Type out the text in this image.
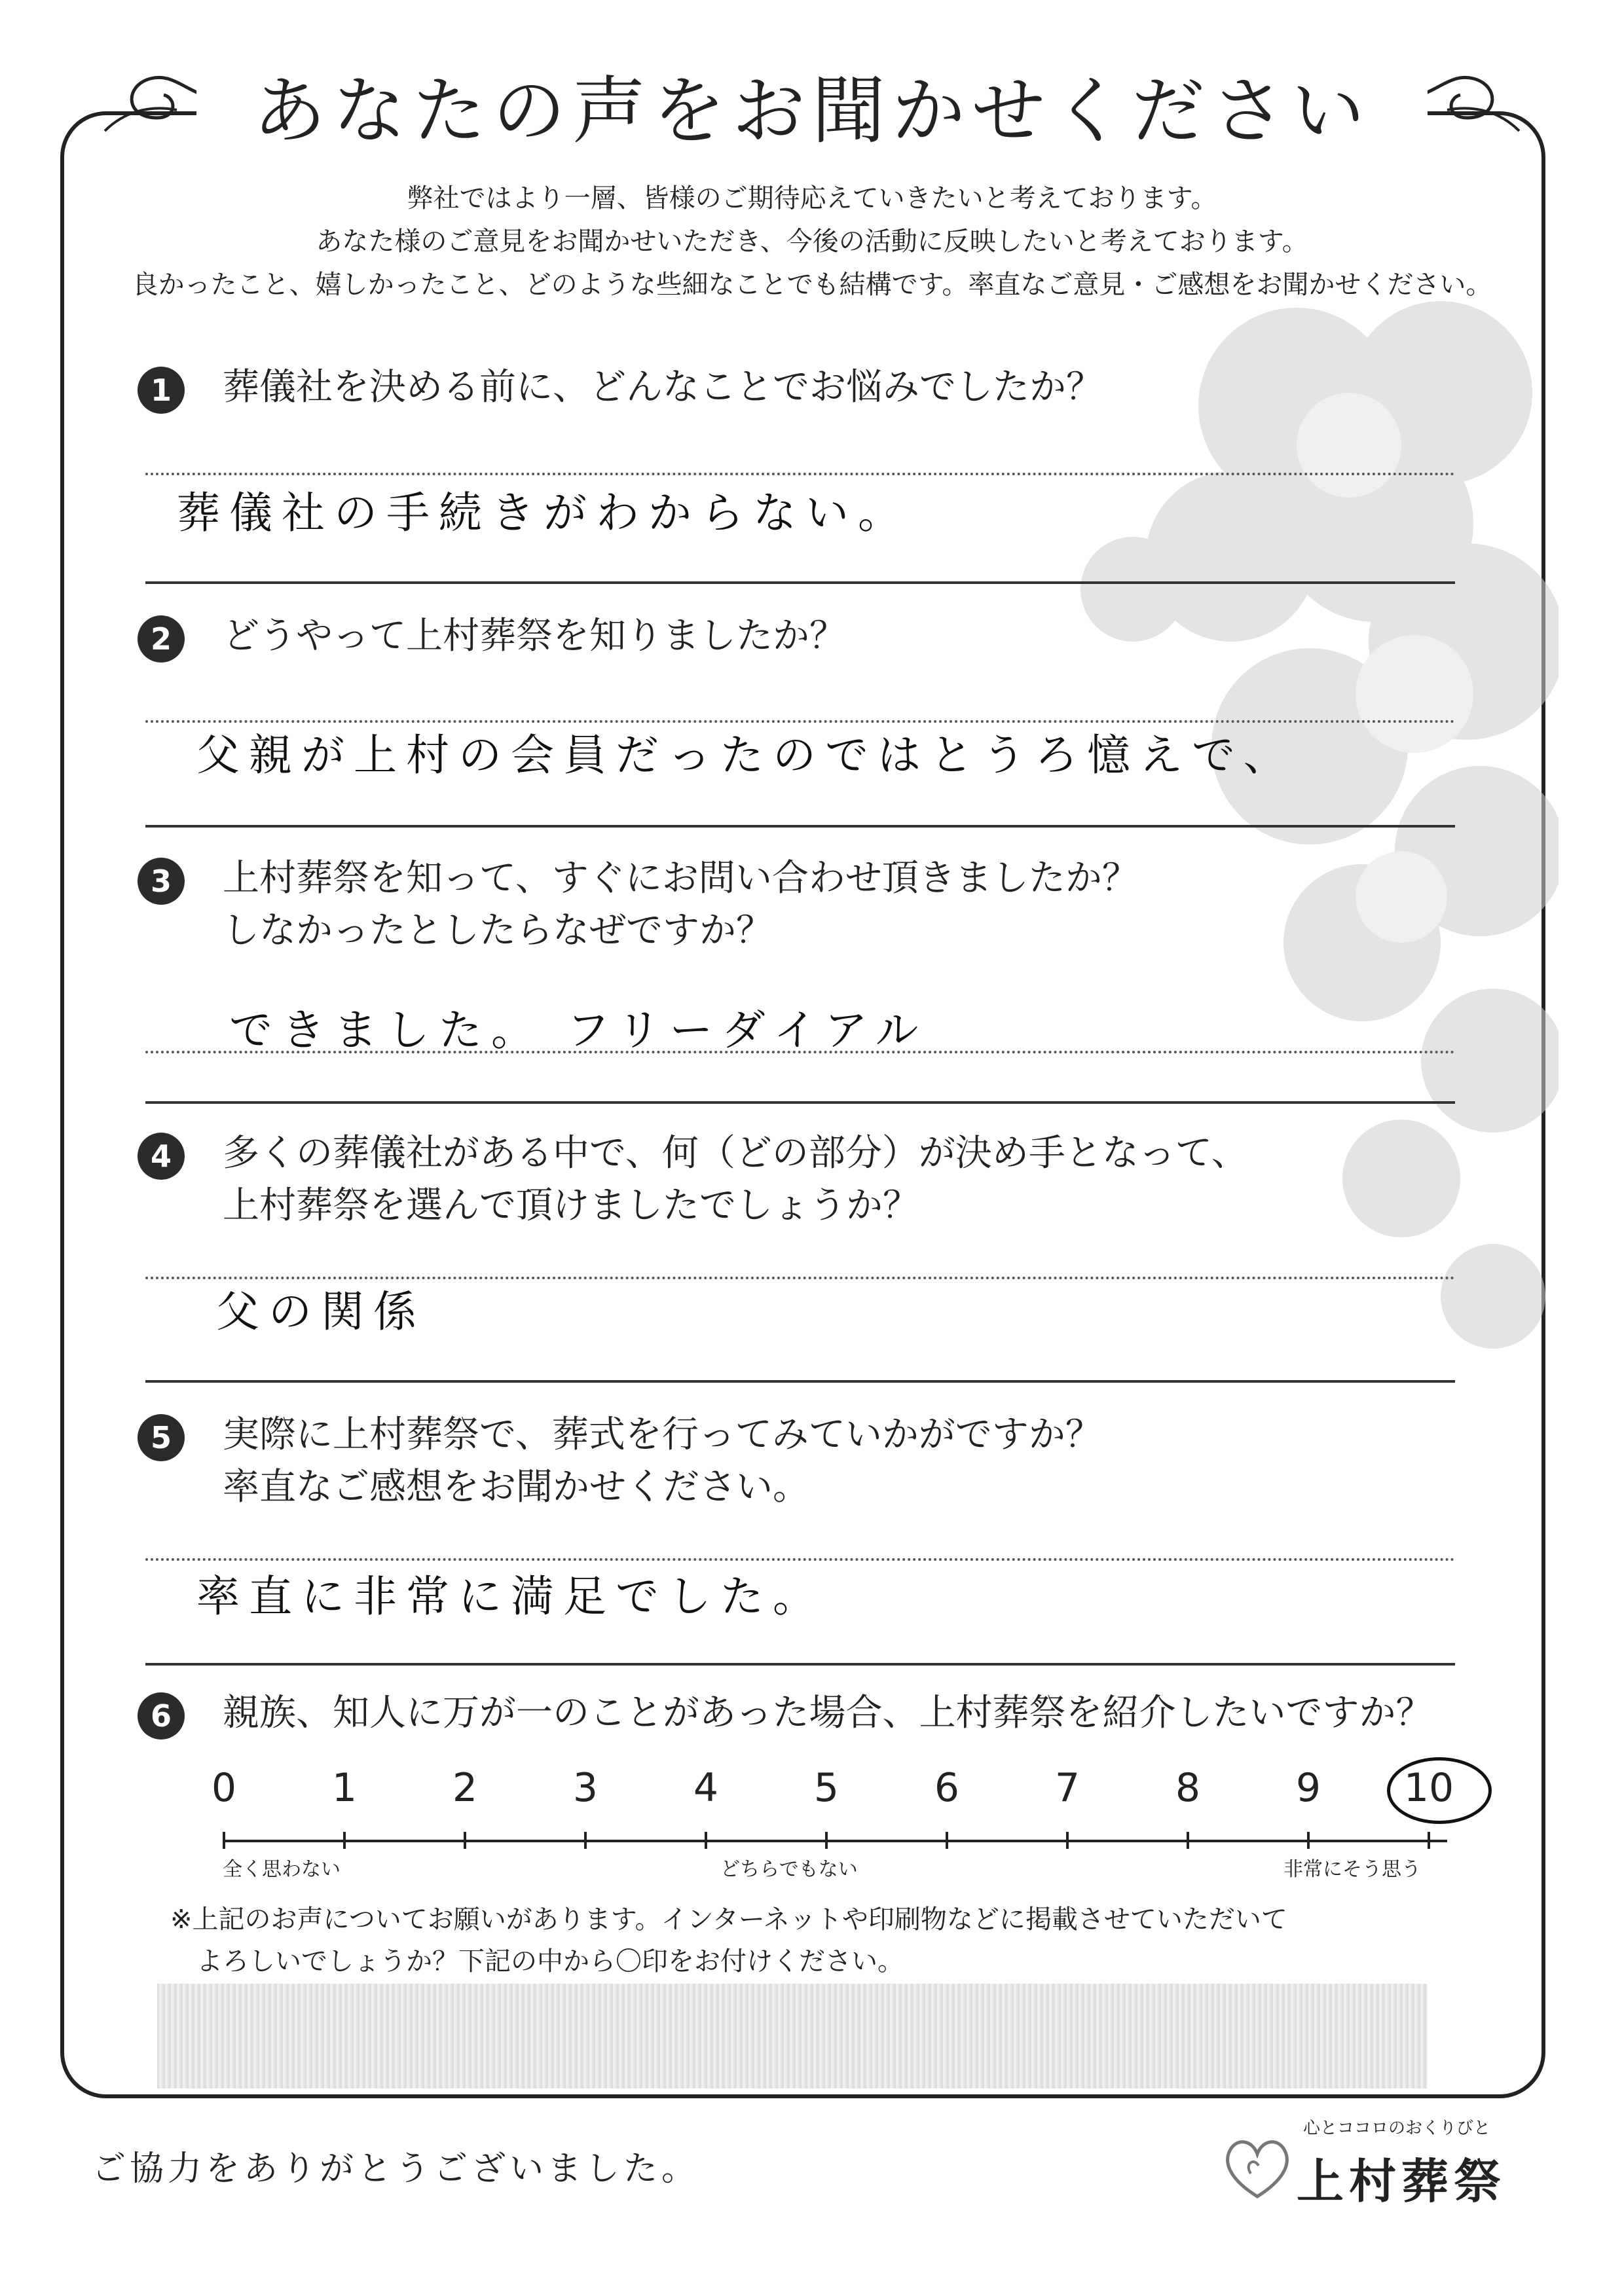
あなたの声をお聞かせください
弊社ではより一層、皆様のご期待応えていきたいと考えております。
あなた様のご意見をお聞かせいただき、今後の活動に反映したいと考えております。
良かったこと、嬉しかったこと、どのような些細なことでも結構です。率直なご意見・ご感想をお聞かせください。
1	葬儀社を決める前に、どんなことでお悩みでしたか？
葬儀社の手続きがわからない。
2	どうやって上村葬祭を知りましたか？
父親が上村の会員だったのではとうろ憶えで、
3	上村葬祭を知って、すぐにお問い合わせ頂きましたか？
しなかったとしたらなぜですか？
できました。 フリーダイアル
4	多くの葬儀社がある中で、何（どの部分）が決め手となって、
上村葬祭を選んで頂けましたでしょうか？
父の関係
5	実際に上村葬祭で、葬式を行ってみていかがですか？
率直なご感想をお聞かせください。
率直に非常に満足でした。
6	親族、知人に万が一のことがあった場合、上村葬祭を紹介したいですか？
0	1	2	3	4	5	6	7	8	9	10
全く思わない	どちらでもない	非常にそう思う
※上記のお声についてお願いがあります。インターネットや印刷物などに掲載させていただいて
よろしいでしょうか？下記の中から〇印をお付けください。
ご協力をありがとうございました。
心とココロのおくりびと
上村葬祭
